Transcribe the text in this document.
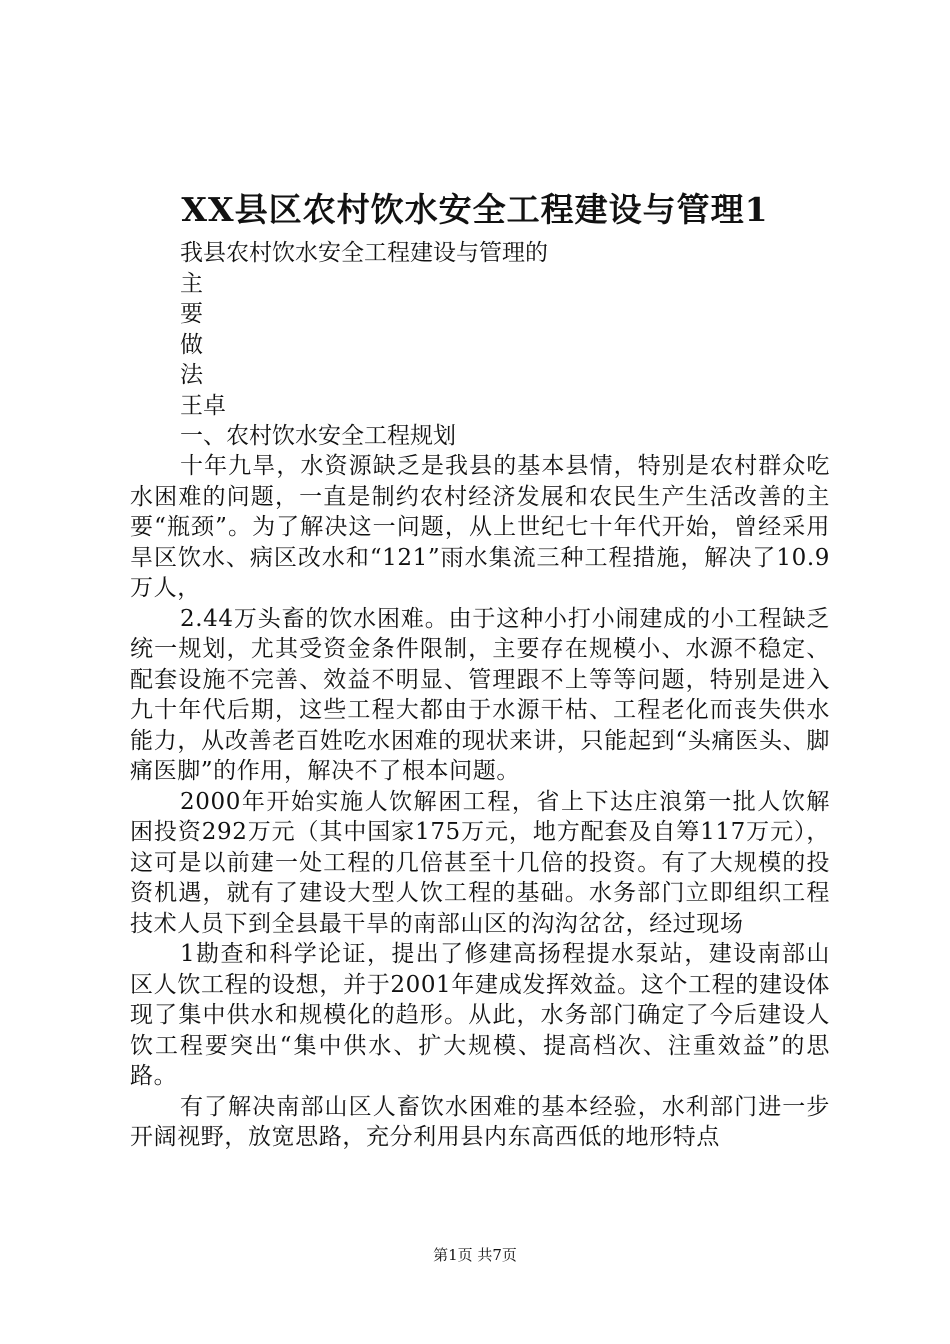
XX县区农村饮水安全工程建设与管理1
我县农村饮水安全工程建设与管理的
主
要
做
法
王卓
一、农村饮水安全工程规划

十年九旱，水资源缺乏是我县的基本县情，特别是农村群众吃水困难的问题，一直是制约农村经济发展和农民生产生活改善的主要“瓶颈”。为了解决这一问题，从上世纪七十年代开始，曾经采用旱区饮水、病区改水和“121”雨水集流三种工程措施，解决了10.9万人，

2.44万头畜的饮水困难。由于这种小打小闹建成的小工程缺乏统一规划，尤其受资金条件限制，主要存在规模小、水源不稳定、配套设施不完善、效益不明显、管理跟不上等等问题，特别是进入九十年代后期，这些工程大都由于水源干枯、工程老化而丧失供水能力，从改善老百姓吃水困难的现状来讲，只能起到“头痛医头、脚痛医脚”的作用，解决不了根本问题。

2000年开始实施人饮解困工程，省上下达庄浪第一批人饮解困投资292万元（其中国家175万元，地方配套及自筹117万元），这可是以前建一处工程的几倍甚至十几倍的投资。有了大规模的投资机遇，就有了建设大型人饮工程的基础。水务部门立即组织工程技术人员下到全县最干旱的南部山区的沟沟岔岔，经过现场

1勘查和科学论证，提出了修建高扬程提水泵站，建设南部山区人饮工程的设想，并于2001年建成发挥效益。这个工程的建设体现了集中供水和规模化的趋形。从此，水务部门确定了今后建设人饮工程要突出“集中供水、扩大规模、提高档次、注重效益”的思路。

有了解决南部山区人畜饮水困难的基本经验，水利部门进一步开阔视野，放宽思路，充分利用县内东高西低的地形特点

第1页 共7页
